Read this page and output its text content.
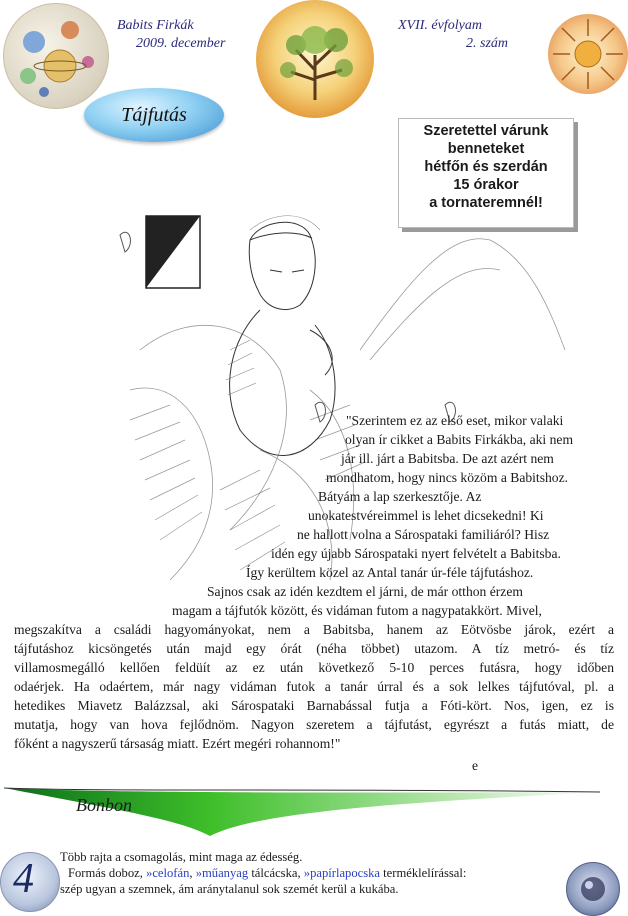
Babits Firkák
2009. december
XVII. évfolyam
2. szám
Tájfutás
Szeretettel várunk
benneteket
hétfőn és szerdán
15 órakor
a tornateremnél!
"Szerintem ez az első eset, mikor valaki
olyan ír cikket a Babits Firkákba, aki nem
jár ill. járt a Babitsba. De azt azért nem
mondhatom, hogy nincs közöm a Babitshoz.
Bátyám a lap szerkesztője. Az
unokatestvéreimmel is lehet dicsekedni! Ki
ne hallott volna a Sárospataki familiáról? Hisz
idén egy újabb Sárospataki nyert felvételt a Babitsba.
Így kerültem közel az Antal tanár úr-féle tájfutáshoz.
Sajnos csak az idén kezdtem el járni, de már otthon érzem
magam a tájfutók között, és vidáman futom a nagypatakkört. Mivel,
megszakítva a családi hagyományokat, nem a Babitsba, hanem az Eötvösbe járok, ezért a
tájfutáshoz kicsöngetés után majd egy órát (néha többet) utazom. A tíz metró- és tíz
villamosmegálló kellően feldüít az ez után következő 5-10 perces futásra, hogy időben
odaérjek. Ha odaértem, már nagy vidáman futok a tanár úrral és a sok lelkes tájfutóval, pl. a
hetedikes Miavetz Balázzsal, aki Sárospataki Barnabással futja a Fóti-kört. Nos, igen, ez is
mutatja, hogy van hova fejlődnöm. Nagyon szeretem a tájfutást, egyrészt a futás miatt, de
főként a nagyszerű társaság miatt. Ezért megéri rohannom!"
e
Bonbon
4 Több rajta a csomagolás, mint maga az édesség.
Formás doboz, »celofán, »műanyag tálcácska, »papírlapocska terméklelírással:
szép ugyan a szemnek, ám aránytalanul sok szemét kerül a kukába.
